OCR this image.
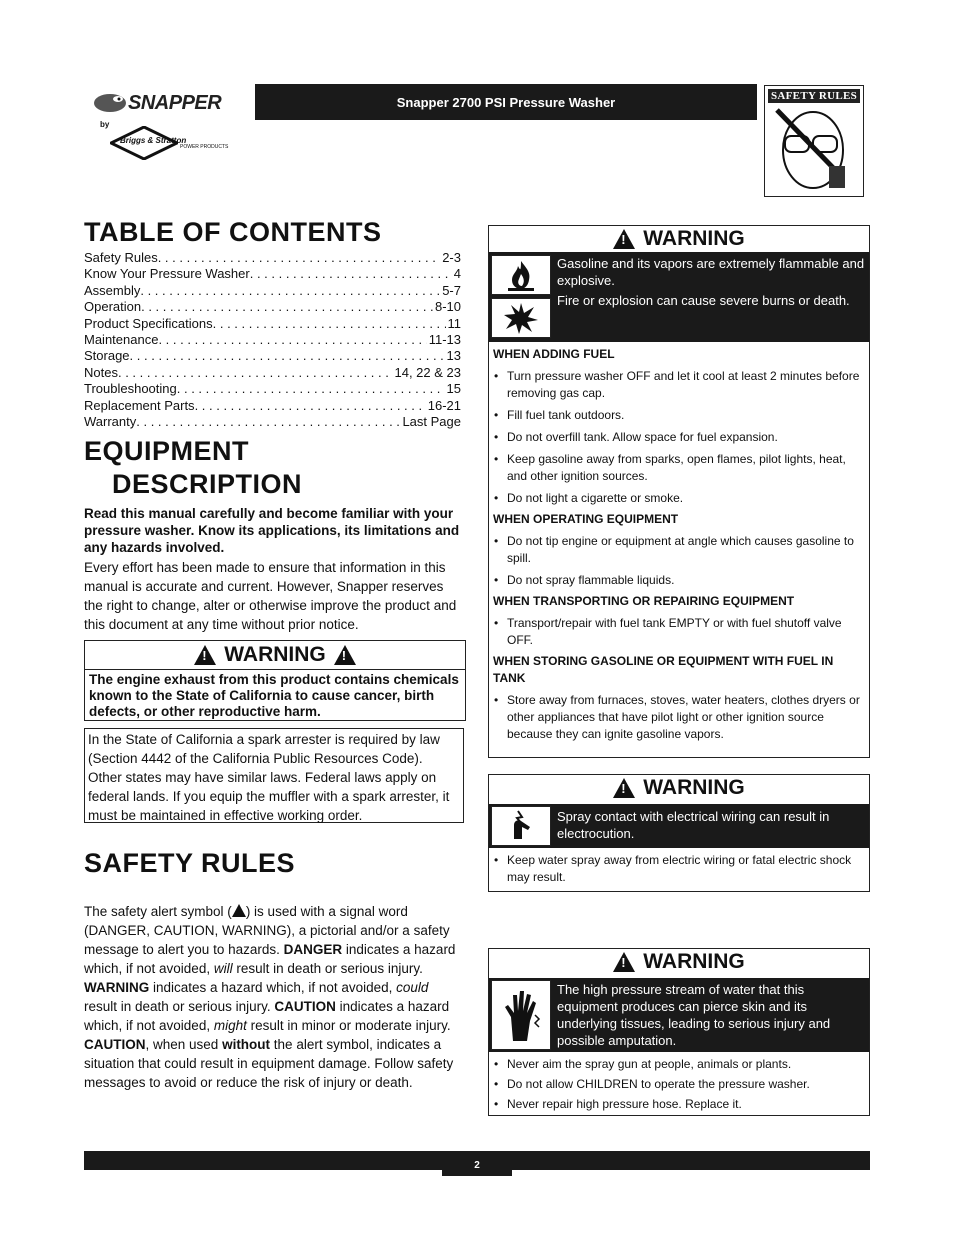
SNAPPER
by
Briggs & Stratton
POWER PRODUCTS
Snapper 2700 PSI Pressure Washer	SAFETY RULES
TABLE OF CONTENTS
Safety Rules . . .	2-3
Know Your Pressure Washer . . .	4
Assembly . . .	5-7
Operation . . .	8-10
Product Specifications . . .	11
Maintenance . . .	11-13
Storage . . .	13
Notes . . .	14, 22 & 23
Troubleshooting . . .	15
Replacement Parts . . .	16-21
Warranty . . .	Last Page
EQUIPMENT
DESCRIPTION
Read this manual carefully and become familiar with your pressure washer. Know its applications, its limitations and any hazards involved.
Every effort has been made to ensure that information in this manual is accurate and current. However, Snapper reserves the right to change, alter or otherwise improve the product and this document at any time without prior notice.
!
WARNING
!
The engine exhaust from this product contains chemicals known to the State of California to cause cancer, birth defects, or other reproductive harm.
In the State of California a spark arrester is required by law (Section 4442 of the California Public Resources Code). Other states may have similar laws. Federal laws apply on federal lands. If you equip the muffler with a spark arrester, it must be maintained in effective working order.
SAFETY RULES
The safety alert symbol ( ) is used with a signal word (DANGER, CAUTION, WARNING), a pictorial and/or a safety message to alert you to hazards. DANGER indicates a hazard which, if not avoided, will result in death or serious injury. WARNING indicates a hazard which, if not avoided, could result in death or serious injury. CAUTION indicates a hazard which, if not avoided, might result in minor or moderate injury. CAUTION, when used without the alert symbol, indicates a situation that could result in equipment damage. Follow safety messages to avoid or reduce the risk of injury or death.
!
WARNING
Gasoline and its vapors are extremely flammable and explosive.
Fire or explosion can cause severe burns or death.
WHEN ADDING FUEL
• Turn pressure washer OFF and let it cool at least 2 minutes before removing gas cap.
• Fill fuel tank outdoors.
• Do not overfill tank. Allow space for fuel expansion.
• Keep gasoline away from sparks, open flames, pilot lights, heat, and other ignition sources.
• Do not light a cigarette or smoke.
WHEN OPERATING EQUIPMENT
• Do not tip engine or equipment at angle which causes gasoline to spill.
• Do not spray flammable liquids.
WHEN TRANSPORTING OR REPAIRING EQUIPMENT
• Transport/repair with fuel tank EMPTY or with fuel shutoff valve OFF.
WHEN STORING GASOLINE OR EQUIPMENT WITH FUEL IN TANK
• Store away from furnaces, stoves, water heaters, clothes dryers or other appliances that have pilot light or other ignition source because they can ignite gasoline vapors.
!
WARNING
Spray contact with electrical wiring can result in electrocution.
• Keep water spray away from electric wiring or fatal electric shock may result.
!
WARNING
The high pressure stream of water that this equipment produces can pierce skin and its underlying tissues, leading to serious injury and possible amputation.
• Never aim the spray gun at people, animals or plants.
• Do not allow CHILDREN to operate the pressure washer.
• Never repair high pressure hose. Replace it.
2
